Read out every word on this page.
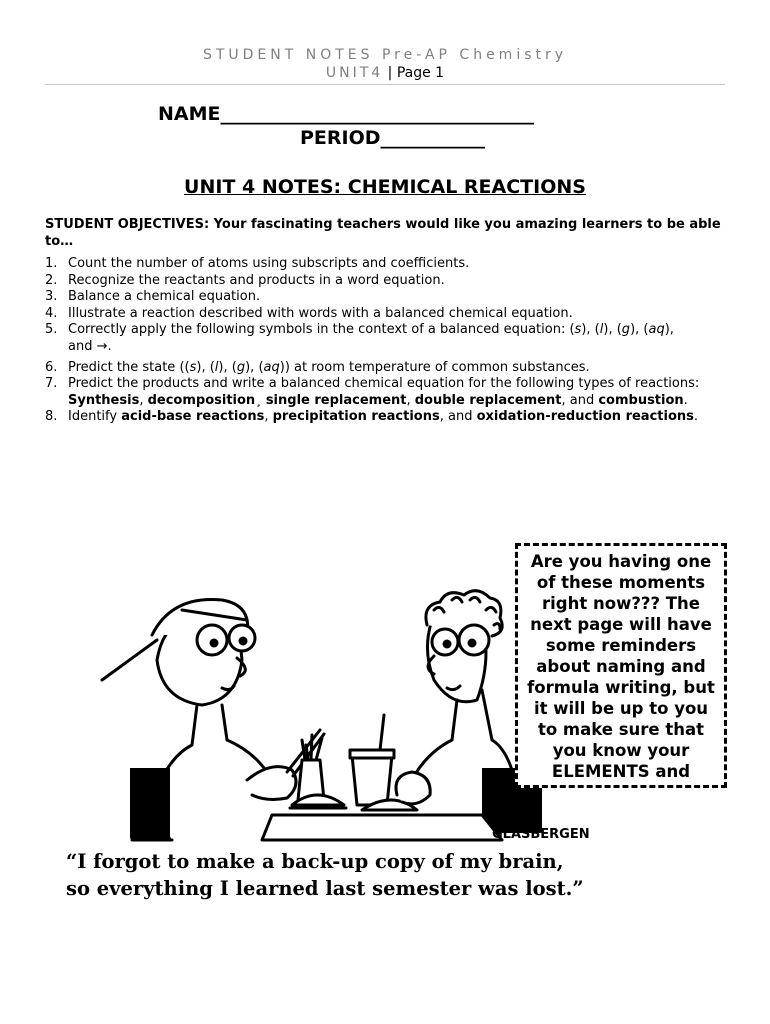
STUDENT NOTES Pre-AP Chemistry
UNIT4 | Page 1
NAME_________________________________
PERIOD___________
UNIT 4 NOTES: CHEMICAL REACTIONS
STUDENT OBJECTIVES: Your fascinating teachers would like you amazing learners to be able to…
1. Count the number of atoms using subscripts and coefficients.
2. Recognize the reactants and products in a word equation.
3. Balance a chemical equation.
4. Illustrate a reaction described with words with a balanced chemical equation.
5. Correctly apply the following symbols in the context of a balanced equation: (s), (l), (g), (aq),
and →.
6. Predict the state ((s), (l), (g), (aq)) at room temperature of common substances.
7. Predict the products and write a balanced chemical equation for the following types of reactions: Synthesis, decomposition¸ single replacement, double replacement, and combustion.
8. Identify acid-base reactions, precipitation reactions, and oxidation-reduction reactions.
GLASBERGEN
Are you having one of these moments right now??? The next page will have some reminders about naming and formula writing, but it will be up to you to make sure that you know your ELEMENTS and
“I forgot to make a back-up copy of my brain,
so everything I learned last semester was lost.”
